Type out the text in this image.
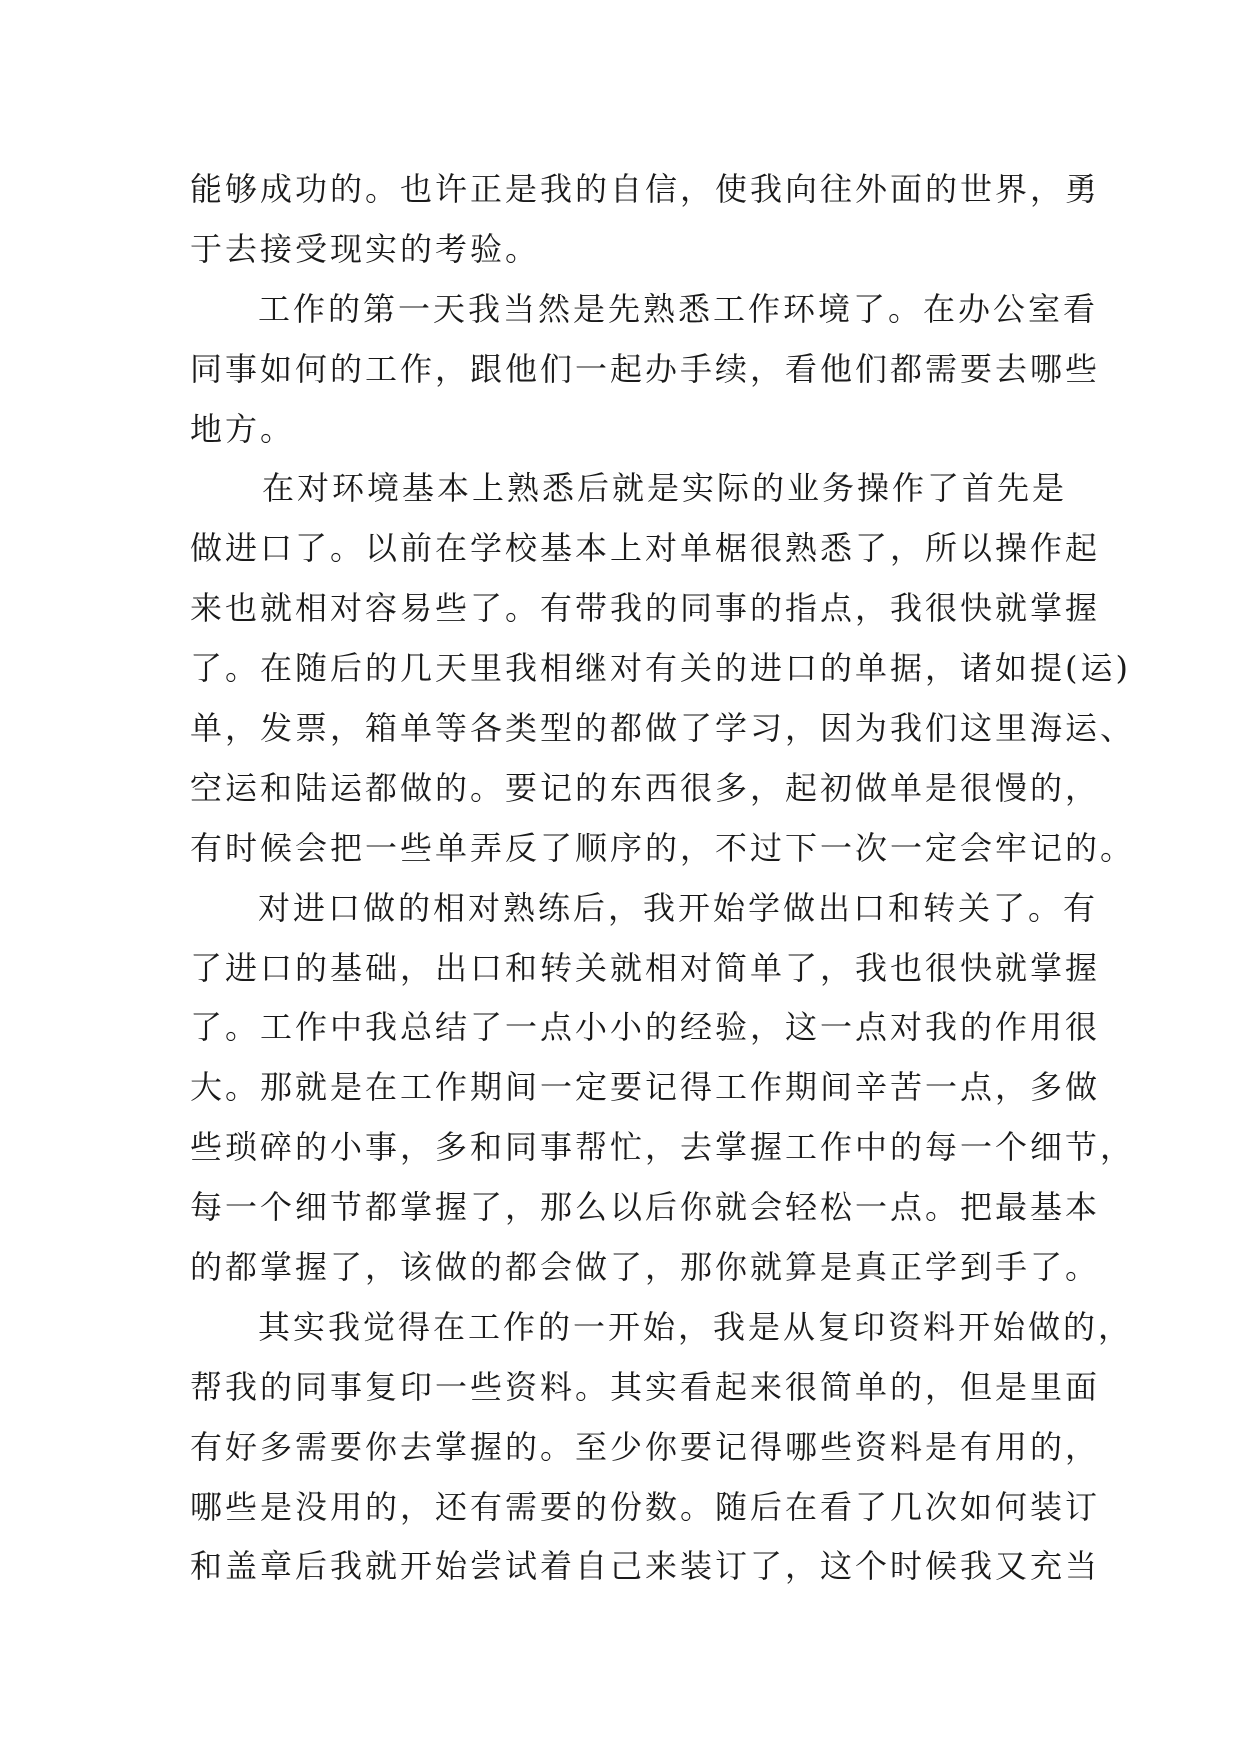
能够成功的。也许正是我的自信，使我向往外面的世界，勇
于去接受现实的考验。
工作的第一天我当然是先熟悉工作环境了。在办公室看
同事如何的工作，跟他们一起办手续，看他们都需要去哪些
地方。
在对环境基本上熟悉后就是实际的业务操作了首先是
做进口了。以前在学校基本上对单椐很熟悉了，所以操作起
来也就相对容易些了。有带我的同事的指点，我很快就掌握
了。在随后的几天里我相继对有关的进口的单据，诸如提(运)
单，发票，箱单等各类型的都做了学习，因为我们这里海运、
空运和陆运都做的。要记的东西很多，起初做单是很慢的，
有时候会把一些单弄反了顺序的，不过下一次一定会牢记的。
对进口做的相对熟练后，我开始学做出口和转关了。有
了进口的基础，出口和转关就相对简单了，我也很快就掌握
了。工作中我总结了一点小小的经验，这一点对我的作用很
大。那就是在工作期间一定要记得工作期间辛苦一点，多做
些琐碎的小事，多和同事帮忙，去掌握工作中的每一个细节，
每一个细节都掌握了，那么以后你就会轻松一点。把最基本
的都掌握了，该做的都会做了，那你就算是真正学到手了。
其实我觉得在工作的一开始，我是从复印资料开始做的，
帮我的同事复印一些资料。其实看起来很简单的，但是里面
有好多需要你去掌握的。至少你要记得哪些资料是有用的，
哪些是没用的，还有需要的份数。随后在看了几次如何装订
和盖章后我就开始尝试着自己来装订了，这个时候我又充当
